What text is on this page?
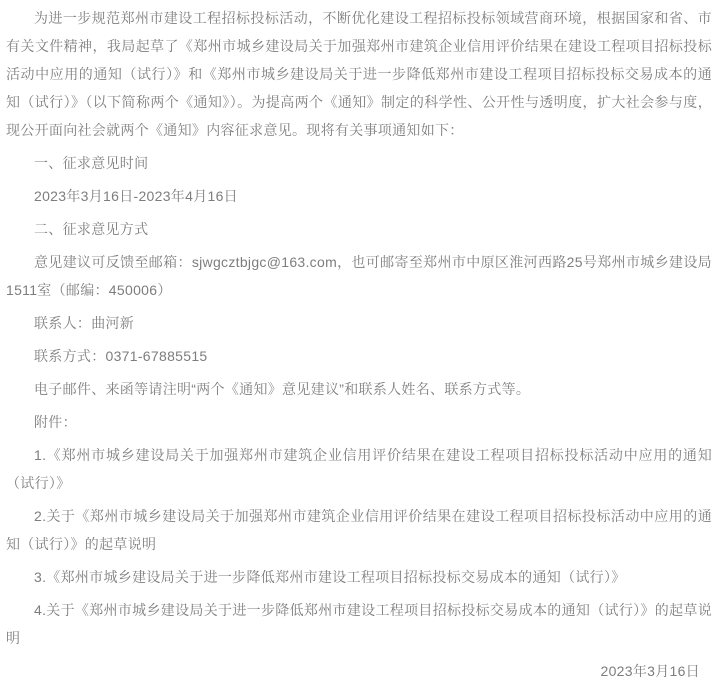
为进一步规范郑州市建设工程招标投标活动，不断优化建设工程招标投标领域营商环境，根据国家和省、市有关文件精神，我局起草了《郑州市城乡建设局关于加强郑州市建筑企业信用评价结果在建设工程项目招标投标活动中应用的通知（试行）》和《郑州市城乡建设局关于进一步降低郑州市建设工程项目招标投标交易成本的通知（试行）》（以下简称两个《通知》）。为提高两个《通知》制定的科学性、公开性与透明度，扩大社会参与度，现公开面向社会就两个《通知》内容征求意见。现将有关事项通知如下：

一、征求意见时间

2023年3月16日-2023年4月16日

二、征求意见方式

意见建议可反馈至邮箱：sjwgcztbjgc@163.com，也可邮寄至郑州市中原区淮河西路25号郑州市城乡建设局1511室（邮编：450006）

联系人：曲河新

联系方式：0371-67885515

电子邮件、来函等请注明“两个《通知》意见建议”和联系人姓名、联系方式等。

附件：

1.《郑州市城乡建设局关于加强郑州市建筑企业信用评价结果在建设工程项目招标投标活动中应用的通知（试行）》

2.关于《郑州市城乡建设局关于加强郑州市建筑企业信用评价结果在建设工程项目招标投标活动中应用的通知（试行）》的起草说明

3.《郑州市城乡建设局关于进一步降低郑州市建设工程项目招标投标交易成本的通知（试行）》

4.关于《郑州市城乡建设局关于进一步降低郑州市建设工程项目招标投标交易成本的通知（试行）》的起草说明

2023年3月16日
